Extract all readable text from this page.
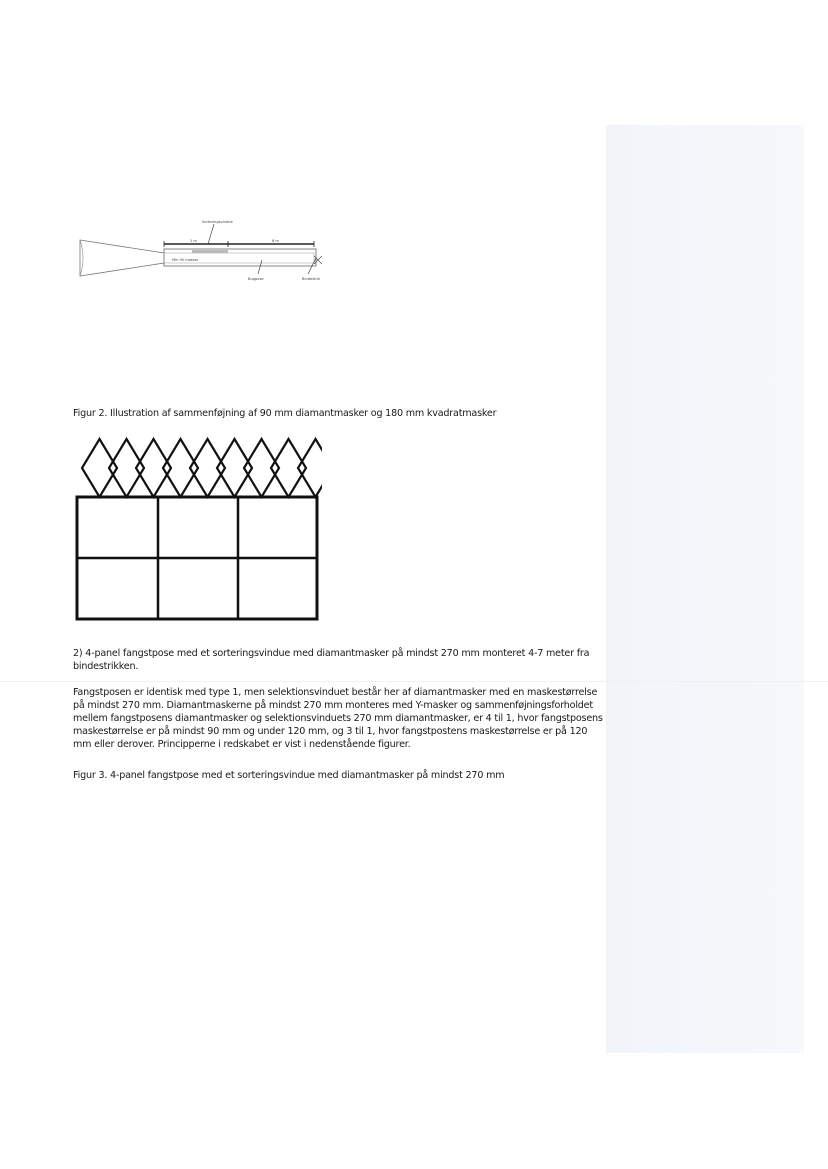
Sorteringsvindue
1 m	8 m
Min 90 masker
Bugpose	Bindestrik

Figur 2. Illustration af sammenføjning af 90 mm diamantmasker og 180 mm kvadratmasker

2) 4-panel fangstpose med et sorteringsvindue med diamantmasker på mindst 270 mm monteret 4-7 meter fra bindestrikken.

Fangstposen er identisk med type 1, men selektionsvinduet består her af diamantmasker med en maskestørrelse på mindst 270 mm. Diamantmaskerne på mindst 270 mm monteres med Y-masker og sammenføjningsforholdet mellem fangstposens diamantmasker og selektionsvinduets 270 mm diamantmasker, er 4 til 1, hvor fangstposens maskestørrelse er på mindst 90 mm og under 120 mm, og 3 til 1, hvor fangstpostens maskestørrelse er på 120 mm eller derover. Principperne i redskabet er vist i nedenstående figurer.

Figur 3. 4-panel fangstpose med et sorteringsvindue med diamantmasker på mindst 270 mm
